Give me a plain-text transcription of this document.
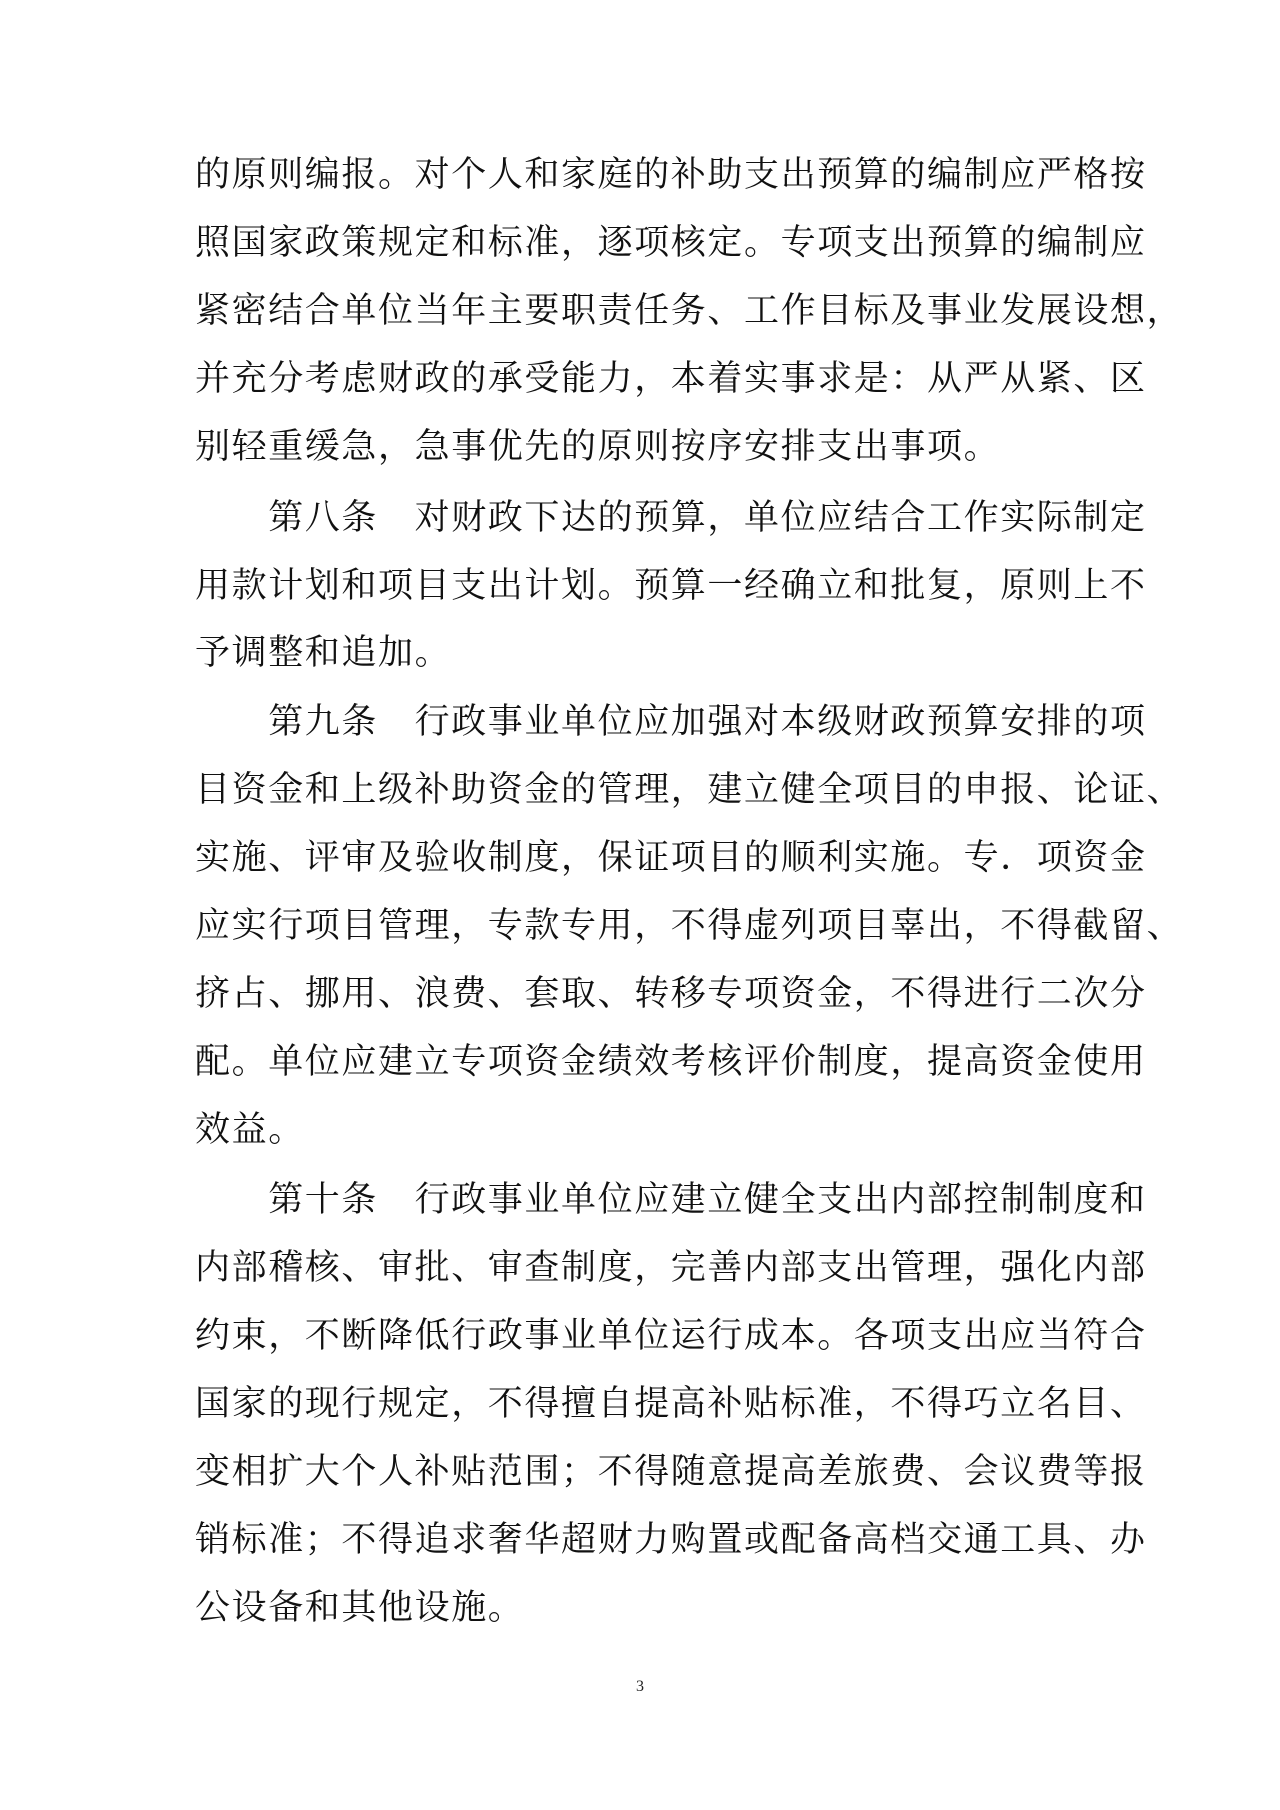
的原则编报。对个人和家庭的补助支出预算的编制应严格按
照国家政策规定和标准，逐项核定。专项支出预算的编制应
紧密结合单位当年主要职责任务、工作目标及事业发展设想，
并充分考虑财政的承受能力，本着实事求是：从严从紧、区
别轻重缓急，急事优先的原则按序安排支出事项。
　　第八条　对财政下达的预算，单位应结合工作实际制定
用款计划和项目支出计划。预算一经确立和批复，原则上不
予调整和追加。
　　第九条　行政事业单位应加强对本级财政预算安排的项
目资金和上级补助资金的管理，建立健全项目的申报、论证、
实施、评审及验收制度，保证项目的顺利实施。专．项资金
应实行项目管理，专款专用，不得虚列项目辜出，不得截留、
挤占、挪用、浪费、套取、转移专项资金，不得进行二次分
配。单位应建立专项资金绩效考核评价制度，提高资金使用
效益。
　　第十条　行政事业单位应建立健全支出内部控制制度和
内部稽核、审批、审查制度，完善内部支出管理，强化内部
约束，不断降低行政事业单位运行成本。各项支出应当符合
国家的现行规定，不得擅自提高补贴标准，不得巧立名目、
变相扩大个人补贴范围；不得随意提高差旅费、会议费等报
销标准；不得追求奢华超财力购置或配备高档交通工具、办
公设备和其他设施。
3
